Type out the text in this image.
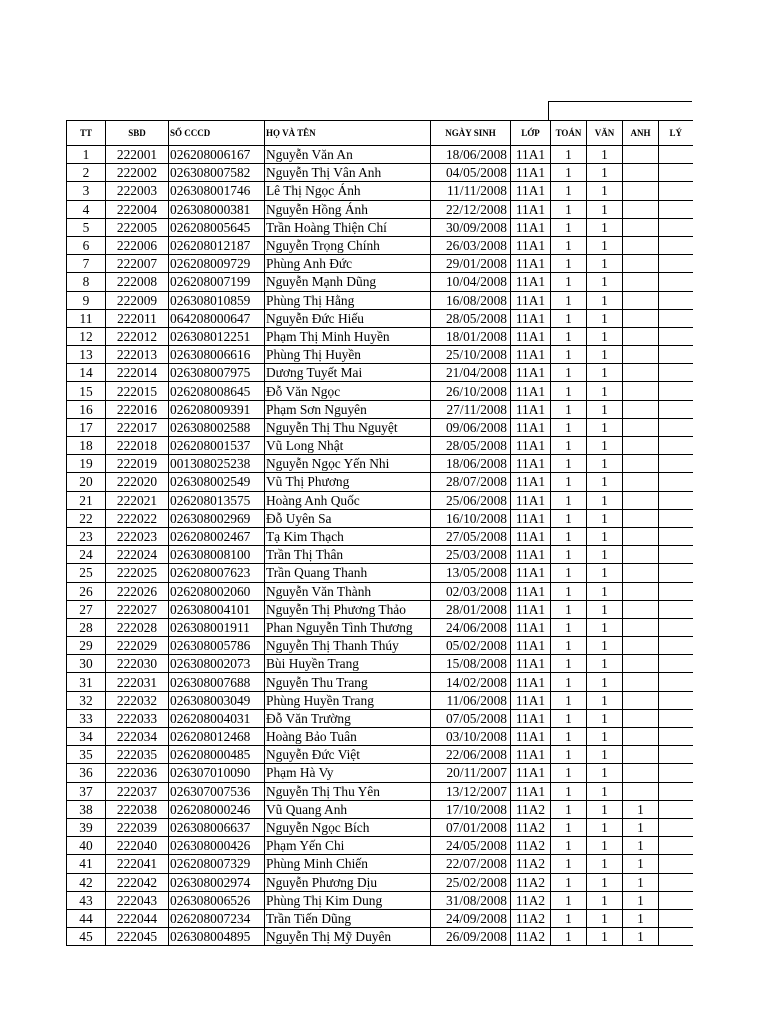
TT	SBD	SỐ CCCD	HỌ VÀ TÊN	NGÀY SINH	LỚP	TOÁN	VĂN	ANH	LÝ
1	222001	026208006167	Nguyễn Văn An	18/06/2008	11A1	1	1		
2	222002	026308007582	Nguyễn Thị Vân Anh	04/05/2008	11A1	1	1		
3	222003	026308001746	Lê Thị Ngọc Ánh	11/11/2008	11A1	1	1		
4	222004	026308000381	Nguyễn Hồng Ánh	22/12/2008	11A1	1	1		
5	222005	026208005645	Trần Hoàng Thiện Chí	30/09/2008	11A1	1	1		
6	222006	026208012187	Nguyễn Trọng Chính	26/03/2008	11A1	1	1		
7	222007	026208009729	Phùng Anh Đức	29/01/2008	11A1	1	1		
8	222008	026208007199	Nguyễn Mạnh Dũng	10/04/2008	11A1	1	1		
9	222009	026308010859	Phùng Thị Hằng	16/08/2008	11A1	1	1		
11	222011	064208000647	Nguyễn Đức Hiếu	28/05/2008	11A1	1	1		
12	222012	026308012251	Phạm Thị Minh Huyền	18/01/2008	11A1	1	1		
13	222013	026308006616	Phùng Thị Huyền	25/10/2008	11A1	1	1		
14	222014	026308007975	Dương Tuyết Mai	21/04/2008	11A1	1	1		
15	222015	026208008645	Đỗ Văn Ngọc	26/10/2008	11A1	1	1		
16	222016	026208009391	Phạm Sơn Nguyên	27/11/2008	11A1	1	1		
17	222017	026308002588	Nguyễn Thị Thu Nguyệt	09/06/2008	11A1	1	1		
18	222018	026208001537	Vũ Long Nhật	28/05/2008	11A1	1	1		
19	222019	001308025238	Nguyễn Ngọc Yến Nhi	18/06/2008	11A1	1	1		
20	222020	026308002549	Vũ Thị Phương	28/07/2008	11A1	1	1		
21	222021	026208013575	Hoàng Anh Quốc	25/06/2008	11A1	1	1		
22	222022	026308002969	Đỗ Uyên Sa	16/10/2008	11A1	1	1		
23	222023	026208002467	Tạ Kim Thạch	27/05/2008	11A1	1	1		
24	222024	026308008100	Trần Thị Thân	25/03/2008	11A1	1	1		
25	222025	026208007623	Trần Quang Thanh	13/05/2008	11A1	1	1		
26	222026	026208002060	Nguyễn Văn Thành	02/03/2008	11A1	1	1		
27	222027	026308004101	Nguyễn Thị Phương Thảo	28/01/2008	11A1	1	1		
28	222028	026308001911	Phan Nguyễn Tình Thương	24/06/2008	11A1	1	1		
29	222029	026308005786	Nguyễn Thị Thanh Thúy	05/02/2008	11A1	1	1		
30	222030	026308002073	Bùi Huyền Trang	15/08/2008	11A1	1	1		
31	222031	026308007688	Nguyễn Thu Trang	14/02/2008	11A1	1	1		
32	222032	026308003049	Phùng Huyền Trang	11/06/2008	11A1	1	1		
33	222033	026208004031	Đỗ Văn Trường	07/05/2008	11A1	1	1		
34	222034	026208012468	Hoàng Bảo Tuân	03/10/2008	11A1	1	1		
35	222035	026208000485	Nguyễn Đức Việt	22/06/2008	11A1	1	1		
36	222036	026307010090	Phạm Hà Vy	20/11/2007	11A1	1	1		
37	222037	026307007536	Nguyễn Thị Thu Yên	13/12/2007	11A1	1	1		
38	222038	026208000246	Vũ Quang Anh	17/10/2008	11A2	1	1	1	
39	222039	026308006637	Nguyễn Ngọc Bích	07/01/2008	11A2	1	1	1	
40	222040	026308000426	Phạm Yến Chi	24/05/2008	11A2	1	1	1	
41	222041	026208007329	Phùng Minh Chiến	22/07/2008	11A2	1	1	1	
42	222042	026308002974	Nguyễn Phương Dịu	25/02/2008	11A2	1	1	1	
43	222043	026308006526	Phùng Thị Kim Dung	31/08/2008	11A2	1	1	1	
44	222044	026208007234	Trần Tiến Dũng	24/09/2008	11A2	1	1	1	
45	222045	026308004895	Nguyễn Thị Mỹ Duyên	26/09/2008	11A2	1	1	1	
